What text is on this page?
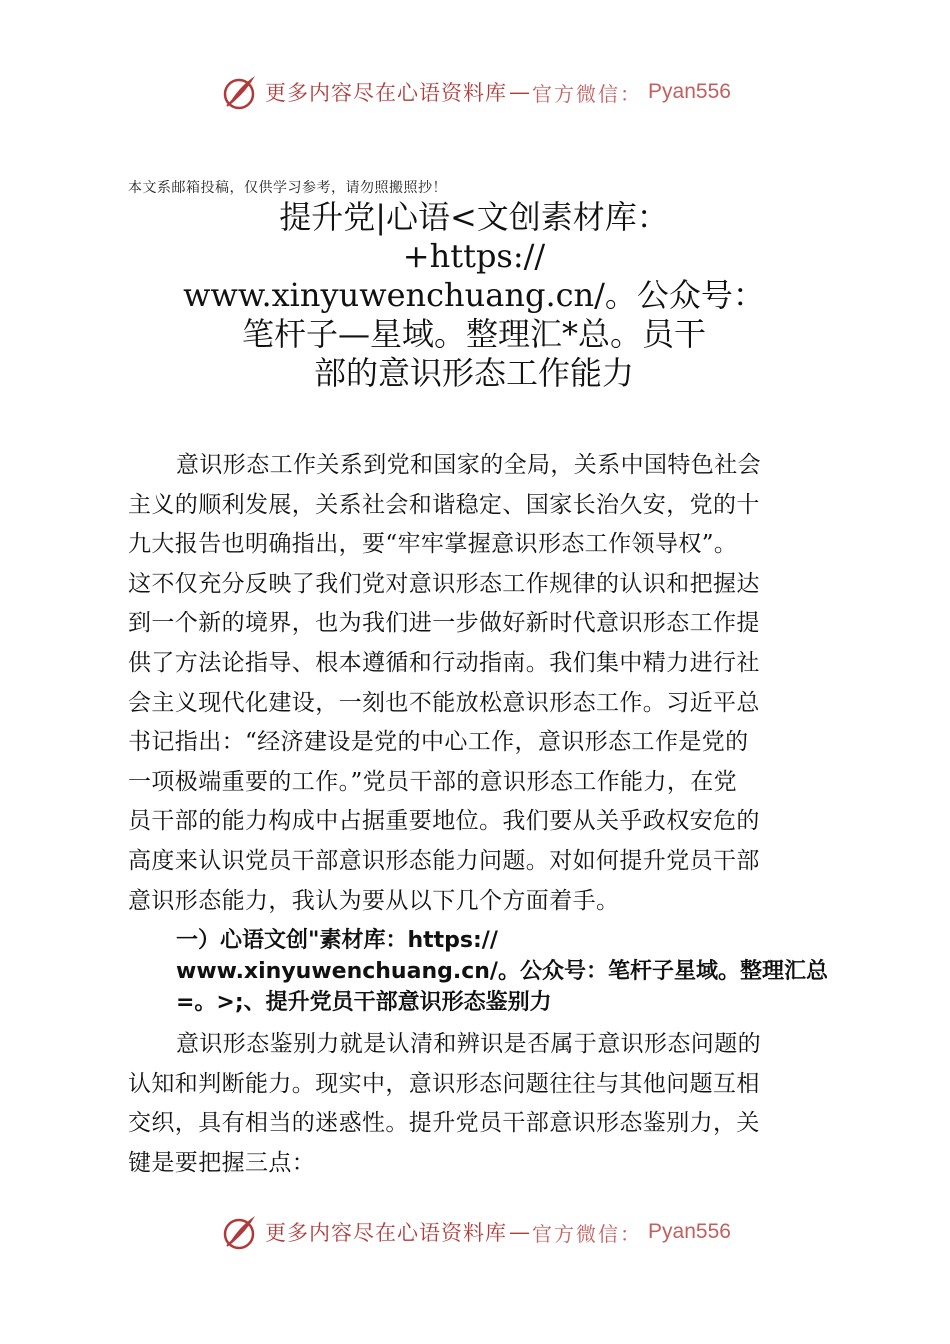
更多内容尽在心语资料库 — 官方微信： Pyan556
本文系邮箱投稿，仅供学习参考，请勿照搬照抄！
提升党|心语<文创素材库：
+https://
www.xinyuwenchuang.cn/。公众号：
笔杆子—星域。整理汇*总。员干
部的意识形态工作能力
意识形态工作关系到党和国家的全局，关系中国特色社会
主义的顺利发展，关系社会和谐稳定、国家长治久安，党的十
九大报告也明确指出，要“牢牢掌握意识形态工作领导权”。
这不仅充分反映了我们党对意识形态工作规律的认识和把握达
到一个新的境界，也为我们进一步做好新时代意识形态工作提
供了方法论指导、根本遵循和行动指南。我们集中精力进行社
会主义现代化建设，一刻也不能放松意识形态工作。习近平总
书记指出：“经济建设是党的中心工作，意识形态工作是党的
一项极端重要的工作。”党员干部的意识形态工作能力，在党
员干部的能力构成中占据重要地位。我们要从关乎政权安危的
高度来认识党员干部意识形态能力问题。对如何提升党员干部
意识形态能力，我认为要从以下几个方面着手。
一）心语文创"素材库：https://
www.xinyuwenchuang.cn/。公众号：笔杆子星域。整理汇总
=。>;、提升党员干部意识形态鉴别力
意识形态鉴别力就是认清和辨识是否属于意识形态问题的
认知和判断能力。现实中，意识形态问题往往与其他问题互相
交织，具有相当的迷惑性。提升党员干部意识形态鉴别力，关
键是要把握三点：
更多内容尽在心语资料库 — 官方微信： Pyan556
